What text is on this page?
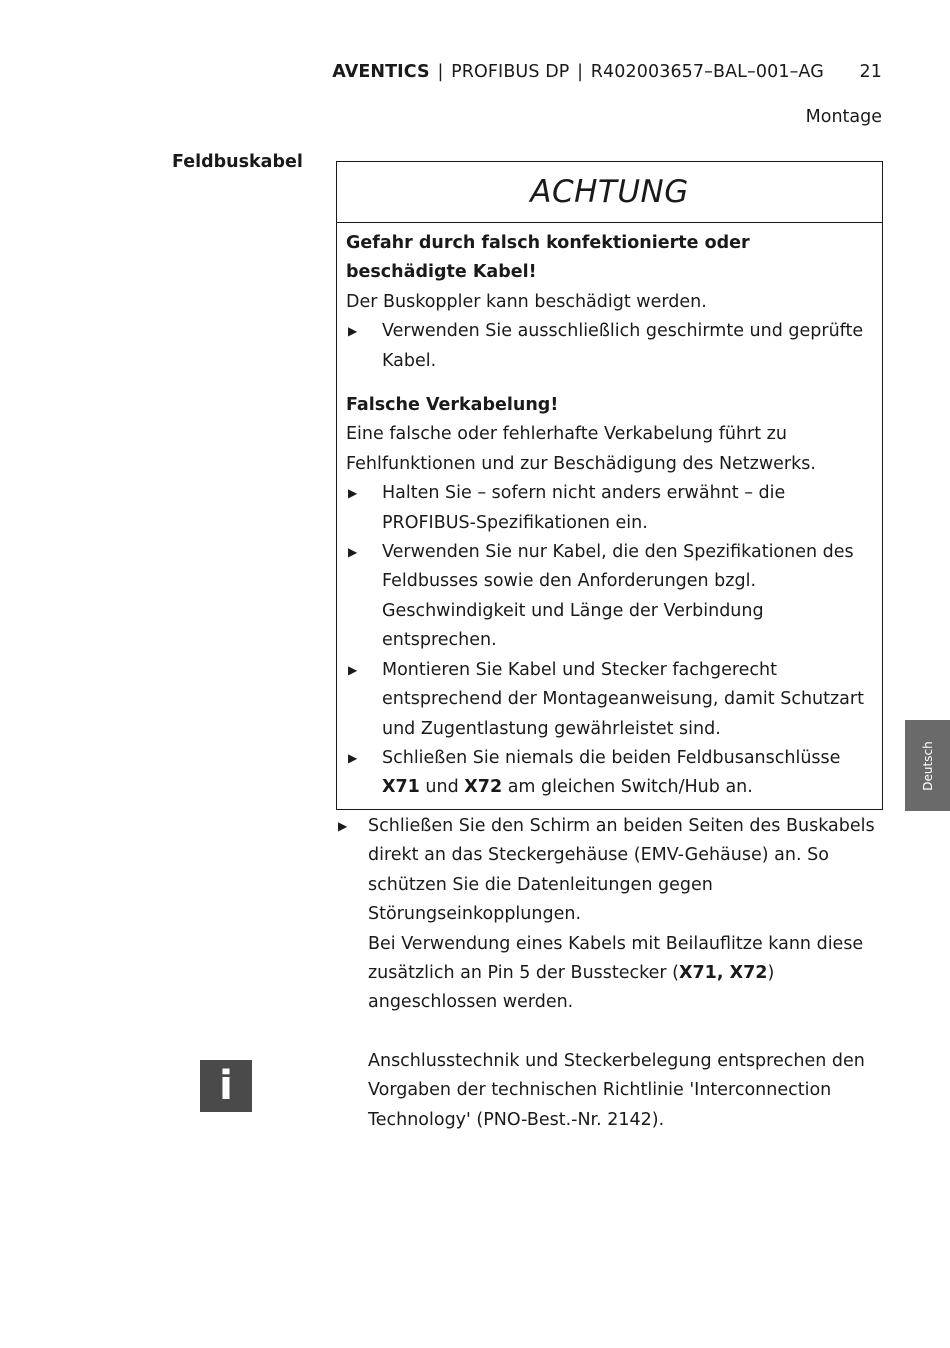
AVENTICS | PROFIBUS DP | R402003657–BAL–001–AG 21
Montage
Feldbuskabel
ACHTUNG

Gefahr durch falsch konfektionierte oder beschädigte Kabel!

Der Buskoppler kann beschädigt werden.

▶ Verwenden Sie ausschließlich geschirmte und geprüfte Kabel.

Falsche Verkabelung!

Eine falsche oder fehlerhafte Verkabelung führt zu Fehlfunktionen und zur Beschädigung des Netzwerks.

▶ Halten Sie – sofern nicht anders erwähnt – die PROFIBUS-Spezifikationen ein.
▶ Verwenden Sie nur Kabel, die den Spezifikationen des Feldbusses sowie den Anforderungen bzgl. Geschwindigkeit und Länge der Verbindung entsprechen.
▶ Montieren Sie Kabel und Stecker fachgerecht entsprechend der Montageanweisung, damit Schutzart und Zugentlastung gewährleistet sind.
▶ Schließen Sie niemals die beiden Feldbusanschlüsse X71 und X72 am gleichen Switch/Hub an.
▶ Schließen Sie den Schirm an beiden Seiten des Buskabels direkt an das Steckergehäuse (EMV-Gehäuse) an. So schützen Sie die Datenleitungen gegen Störungseinkopplungen.

Bei Verwendung eines Kabels mit Beilauflitze kann diese zusätzlich an Pin 5 der Busstecker (X71, X72) angeschlossen werden.

i
Anschlusstechnik und Steckerbelegung entsprechen den Vorgaben der technischen Richtlinie 'Interconnection Technology' (PNO-Best.-Nr. 2142).
Deutsch
